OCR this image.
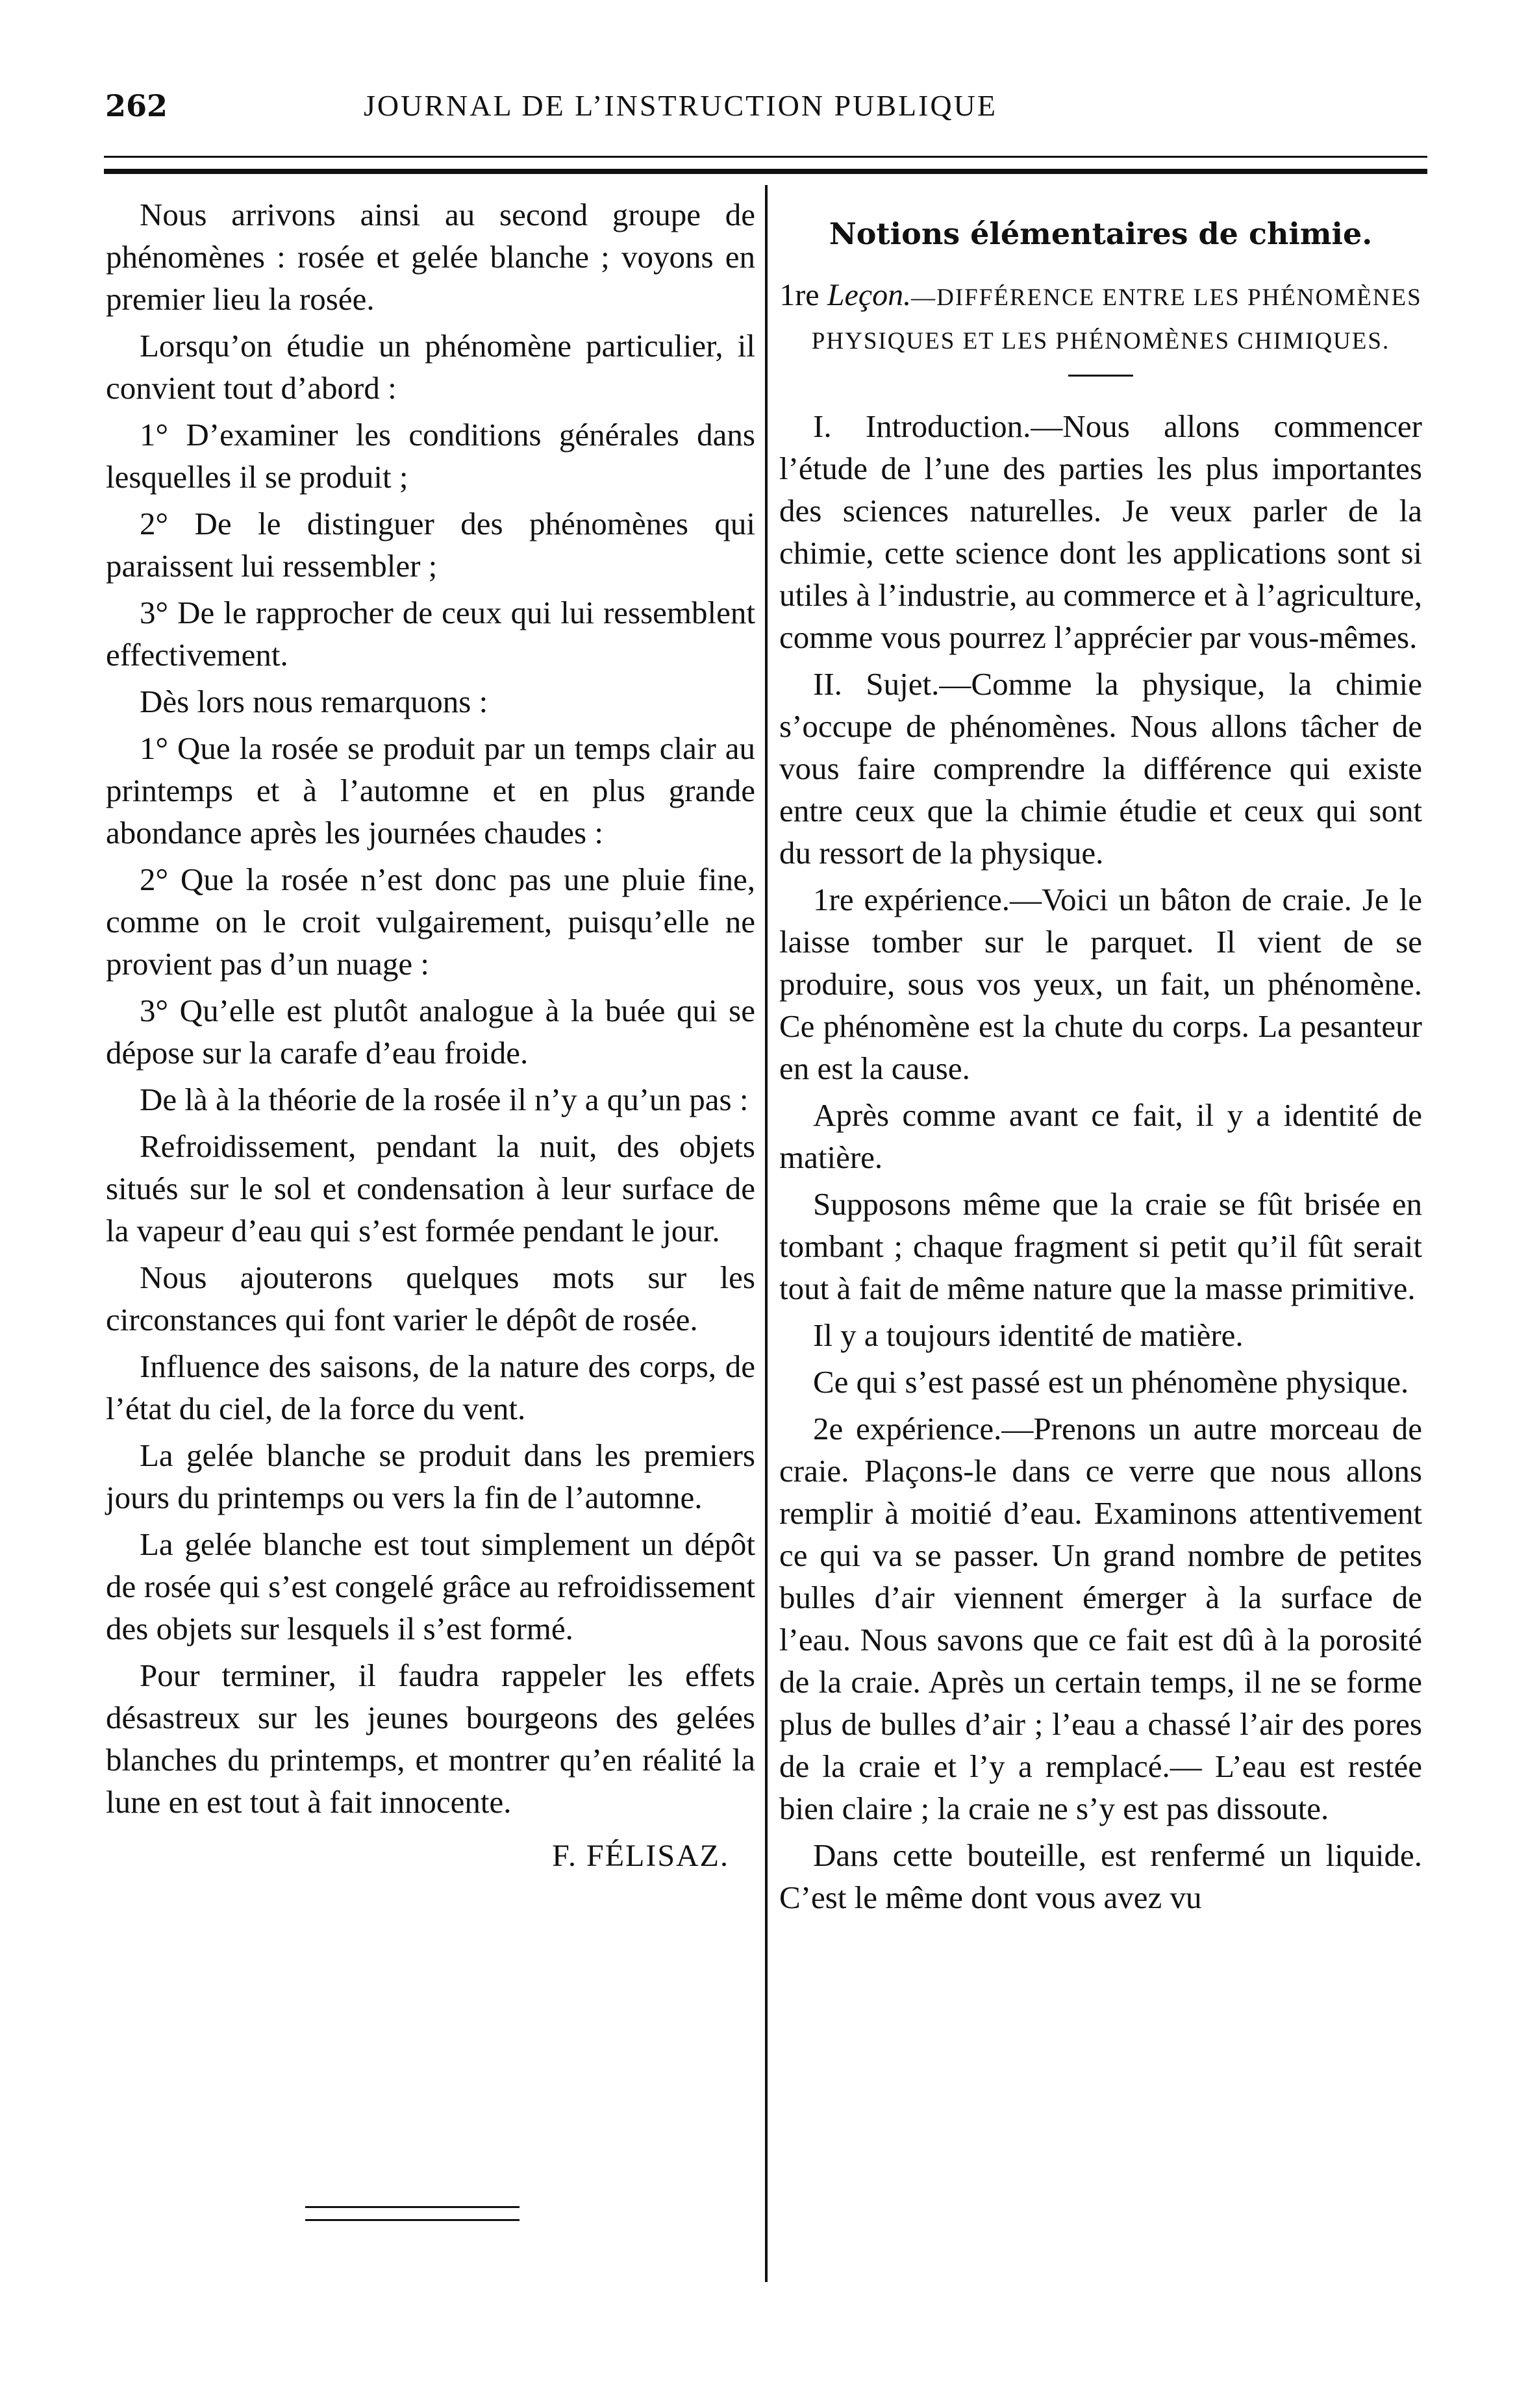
262	JOURNAL DE L’INSTRUCTION PUBLIQUE

Nous arrivons ainsi au second groupe de phénomènes : rosée et gelée blanche ; voyons en premier lieu la rosée.

Lorsqu’on étudie un phénomène particulier, il convient tout d’abord :

1° D’examiner les conditions générales dans lesquelles il se produit ;

2° De le distinguer des phénomènes qui paraissent lui ressembler ;

3° De le rapprocher de ceux qui lui ressemblent effectivement.

Dès lors nous remarquons :

1° Que la rosée se produit par un temps clair au printemps et à l’automne et en plus grande abondance après les journées chaudes :

2° Que la rosée n’est donc pas une pluie fine, comme on le croit vulgairement, puisqu’elle ne provient pas d’un nuage :

3° Qu’elle est plutôt analogue à la buée qui se dépose sur la carafe d’eau froide.

De là à la théorie de la rosée il n’y a qu’un pas :

Refroidissement, pendant la nuit, des objets situés sur le sol et condensation à leur surface de la vapeur d’eau qui s’est formée pendant le jour.

Nous ajouterons quelques mots sur les circonstances qui font varier le dépôt de rosée.

Influence des saisons, de la nature des corps, de l’état du ciel, de la force du vent.

La gelée blanche se produit dans les premiers jours du printemps ou vers la fin de l’automne.

La gelée blanche est tout simplement un dépôt de rosée qui s’est congelé grâce au refroidissement des objets sur lesquels il s’est formé.

Pour terminer, il faudra rappeler les effets désastreux sur les jeunes bourgeons des gelées blanches du printemps, et montrer qu’en réalité la lune en est tout à fait innocente.

F. FÉLISAZ.
Notions élémentaires de chimie.
1re Leçon.—DIFFÉRENCE ENTRE LES PHÉNOMÈNES PHYSIQUES ET LES PHÉNOMÈNES CHIMIQUES.

I. Introduction.—Nous allons commencer l’étude de l’une des parties les plus importantes des sciences naturelles. Je veux parler de la chimie, cette science dont les applications sont si utiles à l’industrie, au commerce et à l’agriculture, comme vous pourrez l’apprécier par vous-mêmes.

II. Sujet.—Comme la physique, la chimie s’occupe de phénomènes. Nous allons tâcher de vous faire comprendre la différence qui existe entre ceux que la chimie étudie et ceux qui sont du ressort de la physique.

1re expérience.—Voici un bâton de craie. Je le laisse tomber sur le parquet. Il vient de se produire, sous vos yeux, un fait, un phénomène. Ce phénomène est la chute du corps. La pesanteur en est la cause.

Après comme avant ce fait, il y a identité de matière.

Supposons même que la craie se fût brisée en tombant ; chaque fragment si petit qu’il fût serait tout à fait de même nature que la masse primitive.

Il y a toujours identité de matière.

Ce qui s’est passé est un phénomène physique.

2e expérience.—Prenons un autre morceau de craie. Plaçons-le dans ce verre que nous allons remplir à moitié d’eau. Examinons attentivement ce qui va se passer. Un grand nombre de petites bulles d’air viennent émerger à la surface de l’eau. Nous savons que ce fait est dû à la porosité de la craie. Après un certain temps, il ne se forme plus de bulles d’air ; l’eau a chassé l’air des pores de la craie et l’y a remplacé.— L’eau est restée bien claire ; la craie ne s’y est pas dissoute.

Dans cette bouteille, est renfermé un liquide. C’est le même dont vous avez vu
